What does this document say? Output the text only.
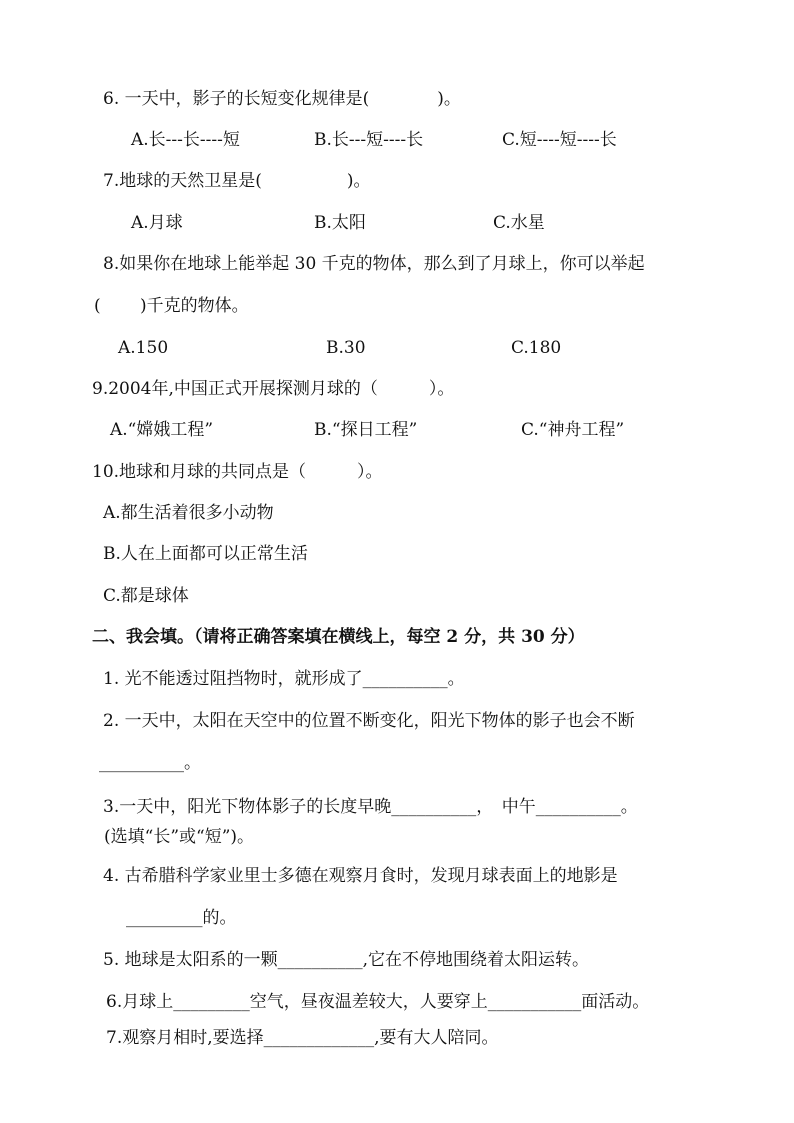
6. 一天中，影子的长短变化规律是(　　　　)。
A.长---长----短	B.长---短----长	C.短----短----长
7.地球的天然卫星是(　　　　　)。
A.月球	B.太阳	C.水星
8.如果你在地球上能举起 30 千克的物体，那么到了月球上，你可以举起
(　　 )千克的物体。
A.150	B.30	C.180
9.2004年,中国正式开展探测月球的（　　　）。
A.“嫦娥工程”	B.“探日工程”	C.“神舟工程”
10.地球和月球的共同点是（　　　）。
A.都生活着很多小动物
B.人在上面都可以正常生活
C.都是球体
二、我会填。（请将正确答案填在横线上，每空 2 分，共 30 分）
1. 光不能透过阻挡物时，就形成了__________。
2. 一天中，太阳在天空中的位置不断变化，阳光下物体的影子也会不断
__________。
3.一天中，阳光下物体影子的长度早晚__________，　中午__________。
(选填“长”或“短”)。
4. 古希腊科学家业里士多德在观察月食时，发现月球表面上的地影是
_________的。
5. 地球是太阳系的一颗__________,它在不停地围绕着太阳运转。
6.月球上_________空气，昼夜温差较大，人要穿上___________面活动。
7.观察月相时,要选择_____________,要有大人陪同。
